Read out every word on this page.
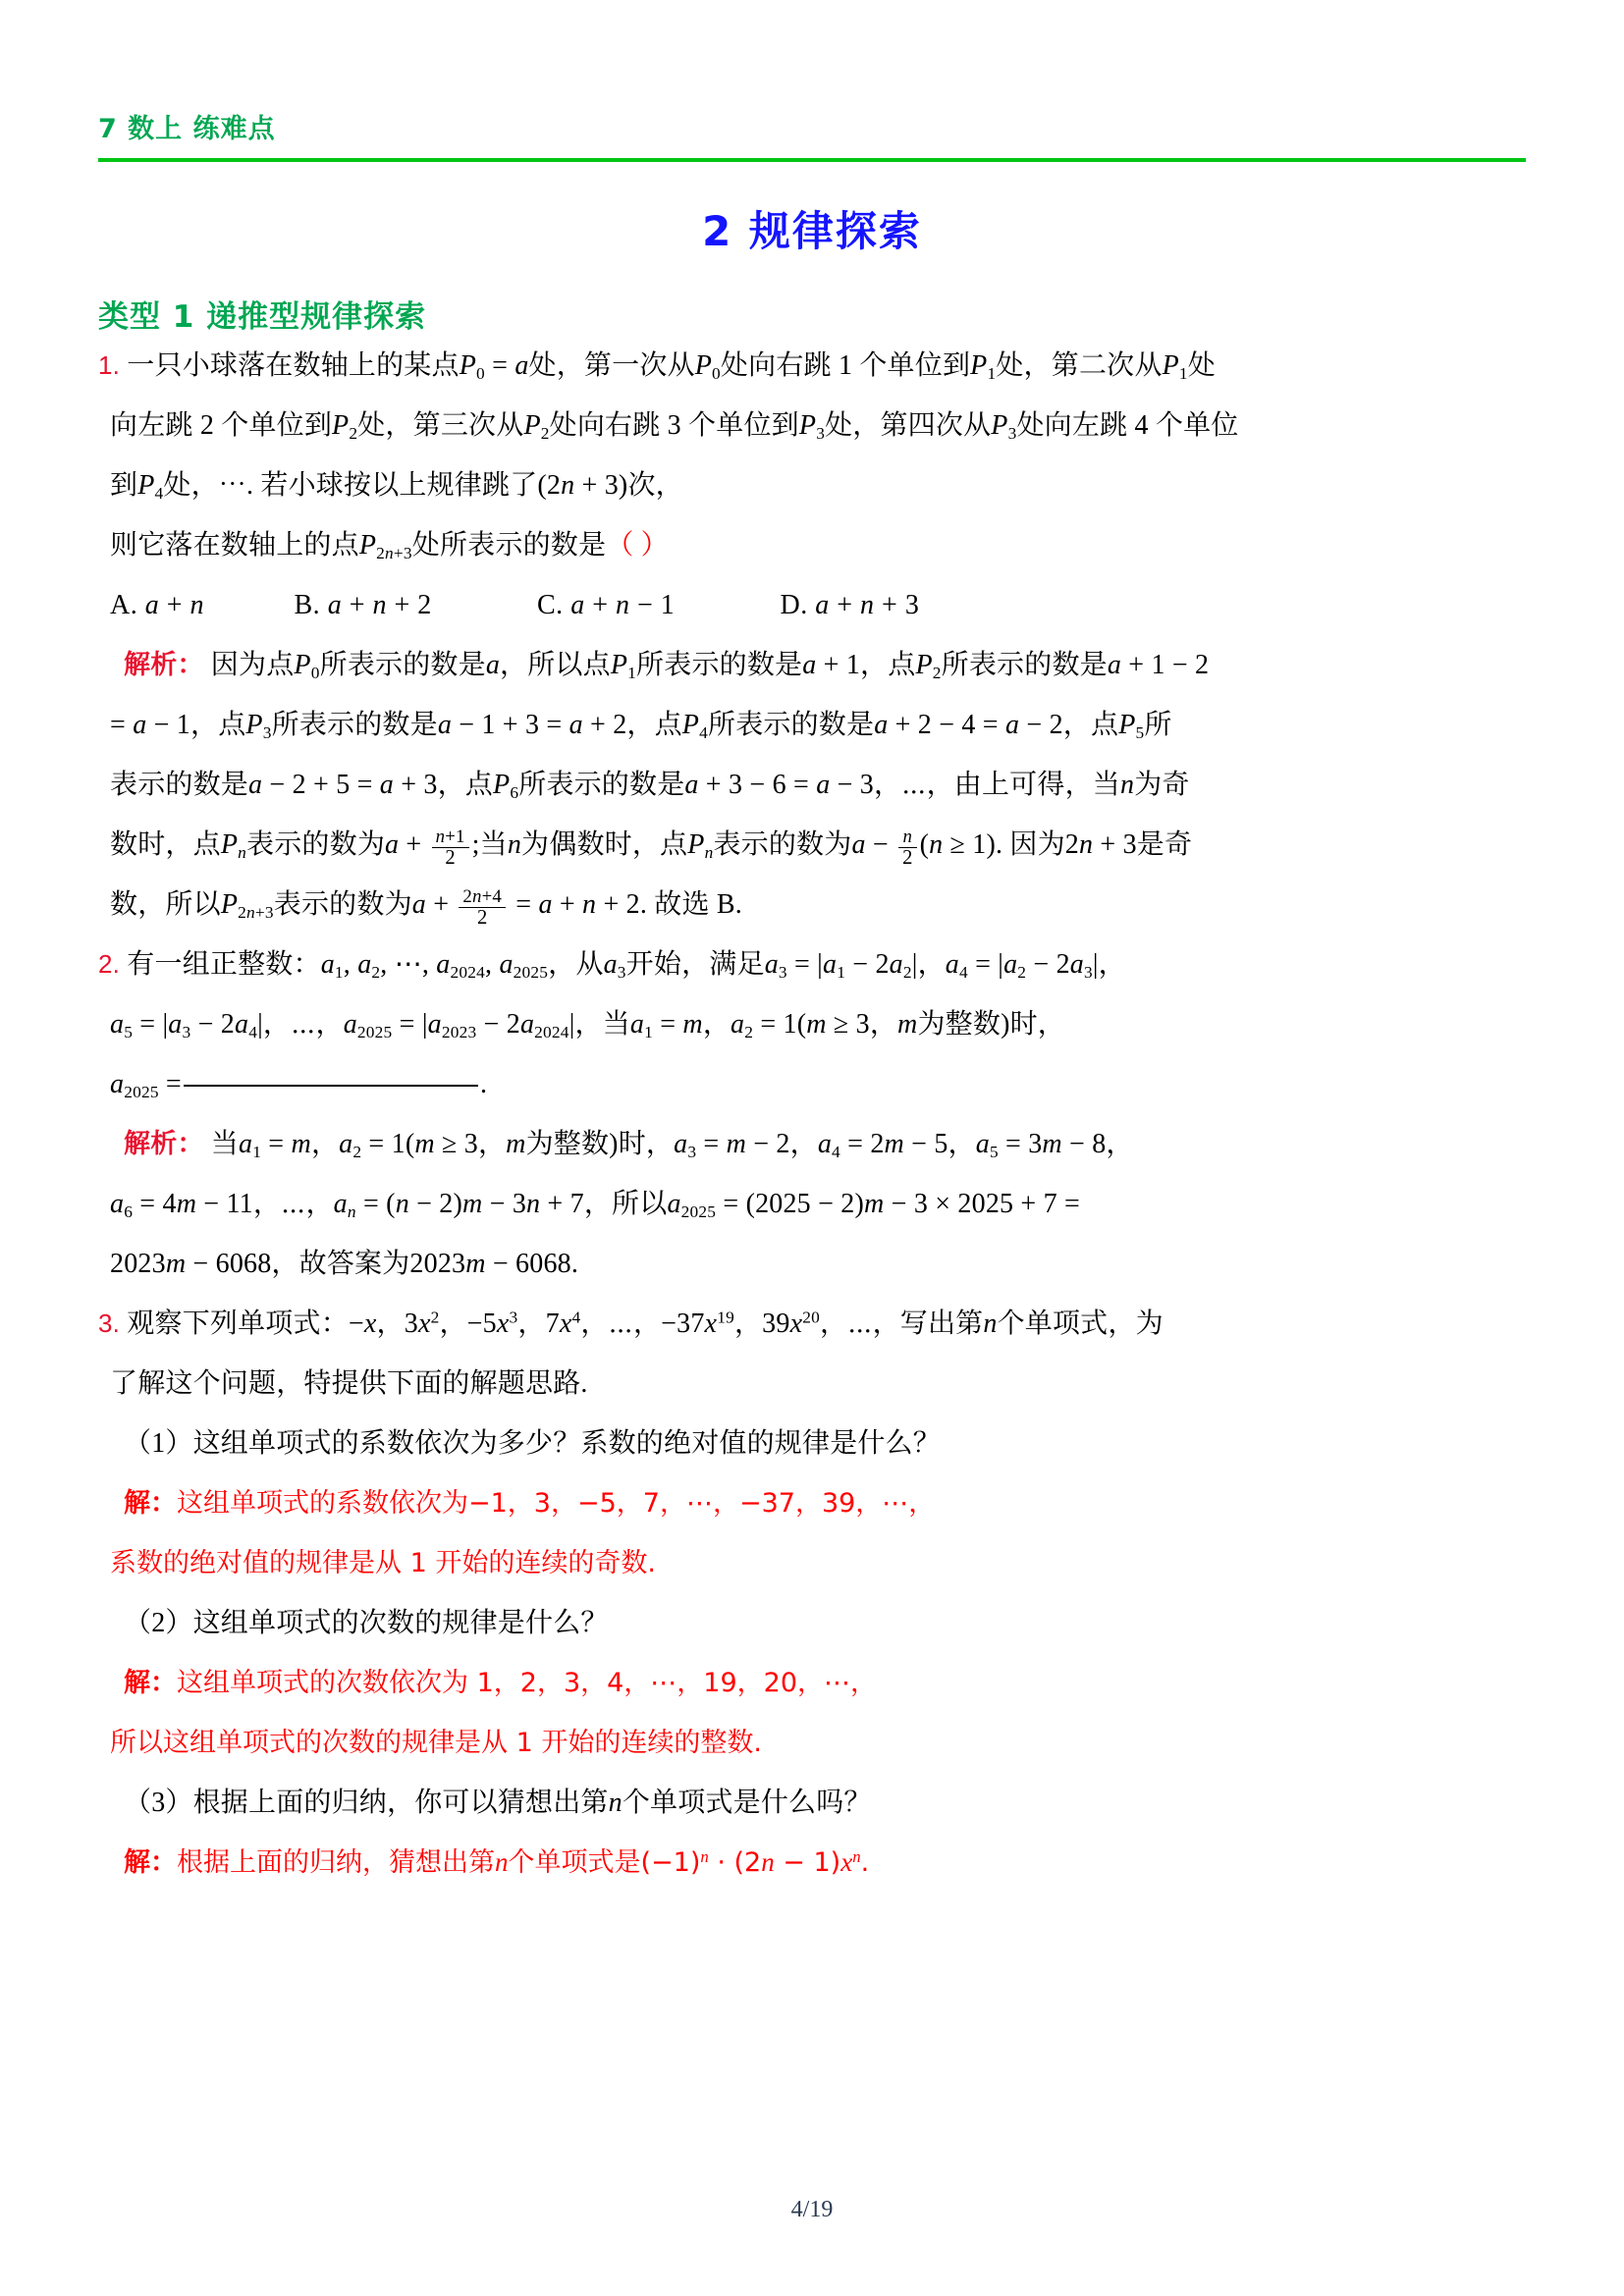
7 数上 练难点
2 规律探索
类型 1 递推型规律探索
1. 一只小球落在数轴上的某点$P_0 = a$处，第一次从$P_0$处向右跳 1 个单位到$P_1$处，第二次从$P_1$处
向左跳 2 个单位到$P_2$处，第三次从$P_2$处向右跳 3 个单位到$P_3$处，第四次从$P_3$处向左跳 4 个单位
到$P_4$处，⋯. 若小球按以上规律跳了(2n + 3)次，
则它落在数轴上的点$P_{2n+3}$处所表示的数是（ ）
A. a + n	B. a + n + 2	C. a + n − 1	D. a + n + 3
解析： 因为点$P_0$所表示的数是a，所以点$P_1$所表示的数是a + 1，点$P_2$所表示的数是a + 1 − 2
= a − 1，点$P_3$所表示的数是a − 1 + 3 = a + 2，点$P_4$所表示的数是a + 2 − 4 = a − 2，点$P_5$所
表示的数是a − 2 + 5 = a + 3，点$P_6$所表示的数是a + 3 − 6 = a − 3，⋯，由上可得，当n为奇
数时，点$P_n$表示的数为$a + \frac{n+1}{2}$ ;当n为偶数时，点$P_n$表示的数为$a - \frac{n}{2} (n \ge 1)$. 因为2n + 3是奇
数，所以$P_{2n+3}$表示的数为$a + \frac{2n+4}{2} = a + n + 2$. 故选 B.
2. 有一组正整数：$a_1$, $a_2$, ⋯, $a_{2024}$, $a_{2025}$，从$a_3$开始，满足$a_3 = |a_1 - 2a_2|$，$a_4 = |a_2 - 2a_3|$，
$a_5 = |a_3 - 2a_4|$，⋯，$a_{2025} = |a_{2023} - 2a_{2024}|$，当$a_1 = m$，$a_2 = 1(m \ge 3$，m为整数)时，
$a_{2025}$ =	.
解析： 当$a_1 = m$，$a_2 = 1(m \ge 3$，m为整数)时，$a_3 = m - 2$，$a_4 = 2m - 5$，$a_5 = 3m - 8$，
$a_6 = 4m - 11$，⋯，$a_n = (n - 2)m - 3n + 7$，所以$a_{2025} = (2025 - 2)m - 3 \times 2025 + 7$ =
2023m − 6068，故答案为2023m − 6068.
3. 观察下列单项式：−x，$3x^2$，$-5x^3$，$7x^4$，⋯，$-37x^{19}$，$39x^{20}$，⋯，写出第n个单项式，为
了解这个问题，特提供下面的解题思路.
（1）这组单项式的系数依次为多少？系数的绝对值的规律是什么？
解：这组单项式的系数依次为−1，3，−5，7，⋯，−37，39，⋯，
系数的绝对值的规律是从 1 开始的连续的奇数.
（2）这组单项式的次数的规律是什么？
解：这组单项式的次数依次为 1，2，3，4，⋯，19，20，⋯，
所以这组单项式的次数的规律是从 1 开始的连续的整数.
（3）根据上面的归纳，你可以猜想出第n个单项式是什么吗？
解：根据上面的归纳，猜想出第n个单项式是$(-1)^n \cdot (2n - 1)x^n$.
4/19
